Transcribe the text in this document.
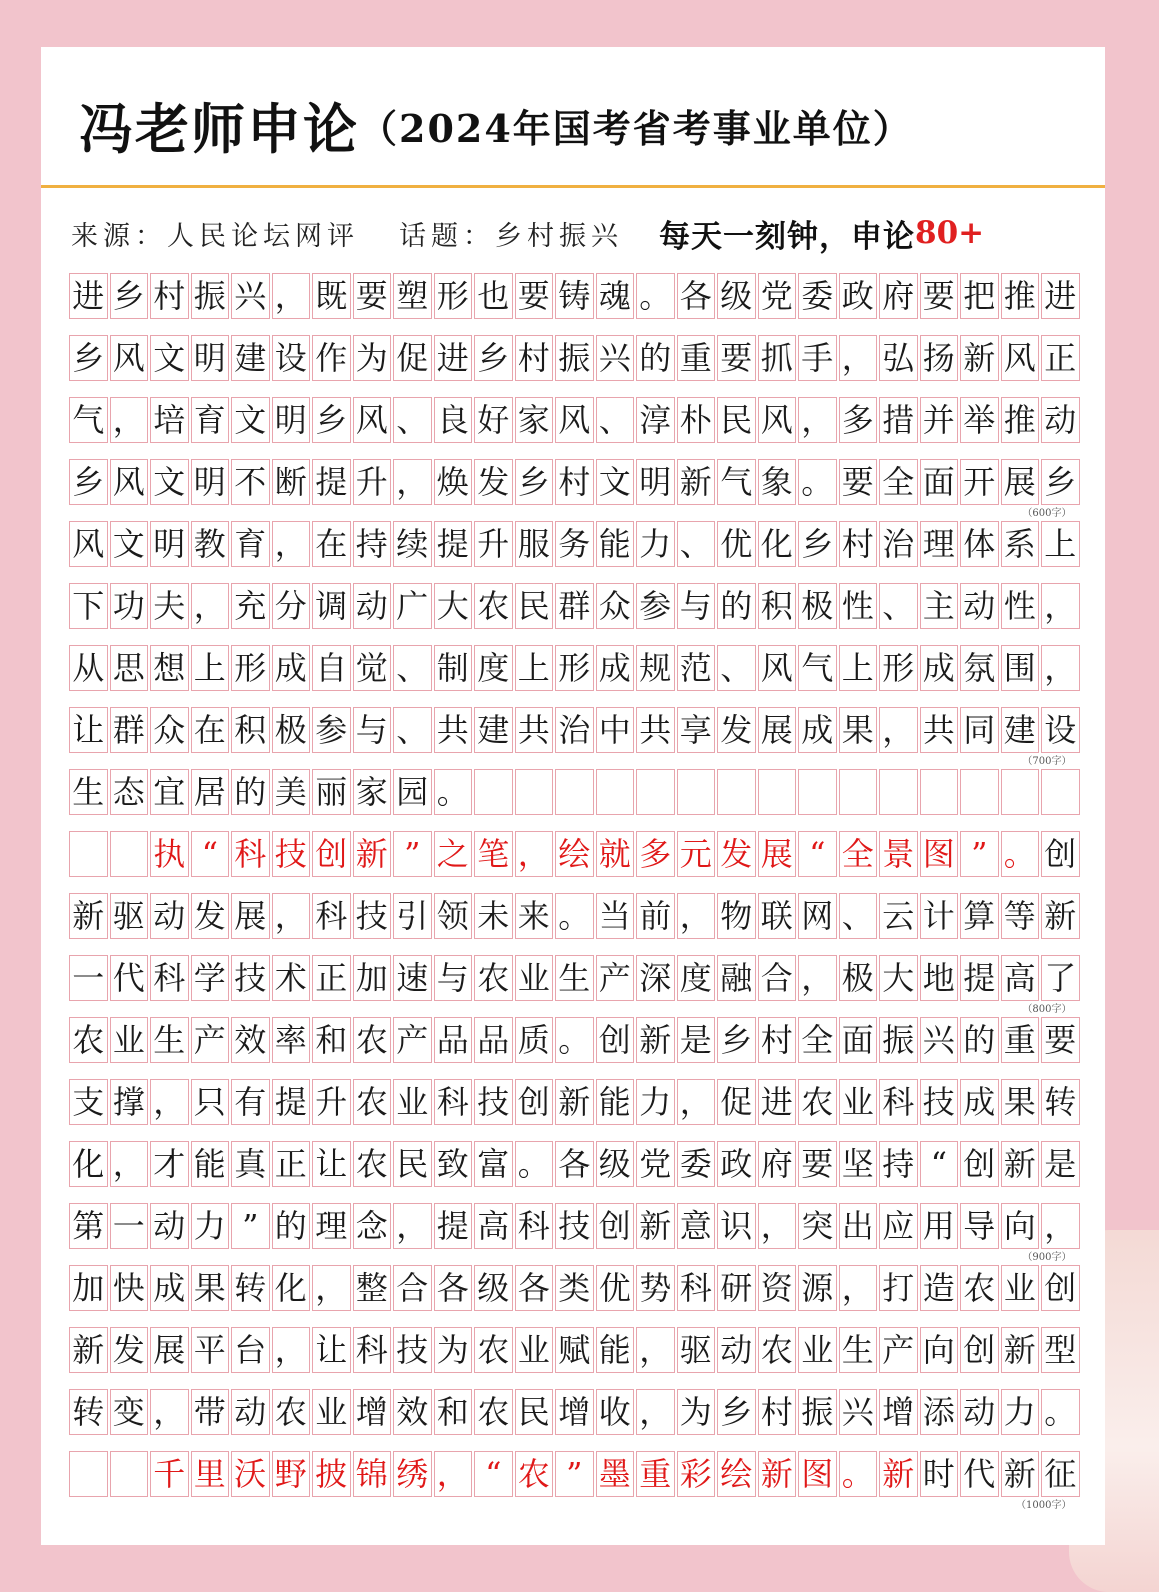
冯老师申论 （2024年国考省考事业单位）
来源：人民论坛网评 话题：乡村振兴 每天一刻钟，申论 80+
进 乡 村 振 兴 ， 既 要 塑 形 也 要 铸 魂 。 各 级 党 委 政 府 要 把 推 进
乡 风 文 明 建 设 作 为 促 进 乡 村 振 兴 的 重 要 抓 手 ， 弘 扬 新 风 正
气 ， 培 育 文 明 乡 风 、 良 好 家 风 、 淳 朴 民 风 ， 多 措 并 举 推 动
乡 风 文 明 不 断 提 升 ， 焕 发 乡 村 文 明 新 气 象 。 要 全 面 开 展 乡
（600字）
风 文 明 教 育 ， 在 持 续 提 升 服 务 能 力 、 优 化 乡 村 治 理 体 系 上
下 功 夫 ， 充 分 调 动 广 大 农 民 群 众 参 与 的 积 极 性 、 主 动 性 ，
从 思 想 上 形 成 自 觉 、 制 度 上 形 成 规 范 、 风 气 上 形 成 氛 围 ，
让 群 众 在 积 极 参 与 、 共 建 共 治 中 共 享 发 展 成 果 ， 共 同 建 设
（700字）
生 态 宜 居 的 美 丽 家 园 。
执 “ 科 技 创 新 ” 之 笔 ， 绘 就 多 元 发 展 “ 全 景 图 ” 。 创
新 驱 动 发 展 ， 科 技 引 领 未 来 。 当 前 ， 物 联 网 、 云 计 算 等 新
一 代 科 学 技 术 正 加 速 与 农 业 生 产 深 度 融 合 ， 极 大 地 提 高 了
（800字）
农 业 生 产 效 率 和 农 产 品 品 质 。 创 新 是 乡 村 全 面 振 兴 的 重 要
支 撑 ， 只 有 提 升 农 业 科 技 创 新 能 力 ， 促 进 农 业 科 技 成 果 转
化 ， 才 能 真 正 让 农 民 致 富 。 各 级 党 委 政 府 要 坚 持 “ 创 新 是
第 一 动 力 ” 的 理 念 ， 提 高 科 技 创 新 意 识 ， 突 出 应 用 导 向 ，
（900字）
加 快 成 果 转 化 ， 整 合 各 级 各 类 优 势 科 研 资 源 ， 打 造 农 业 创
新 发 展 平 台 ， 让 科 技 为 农 业 赋 能 ， 驱 动 农 业 生 产 向 创 新 型
转 变 ， 带 动 农 业 增 效 和 农 民 增 收 ， 为 乡 村 振 兴 增 添 动 力 。
千 里 沃 野 披 锦 绣 ， “ 农 ” 墨 重 彩 绘 新 图 。 新 时 代 新 征
（1000字）
